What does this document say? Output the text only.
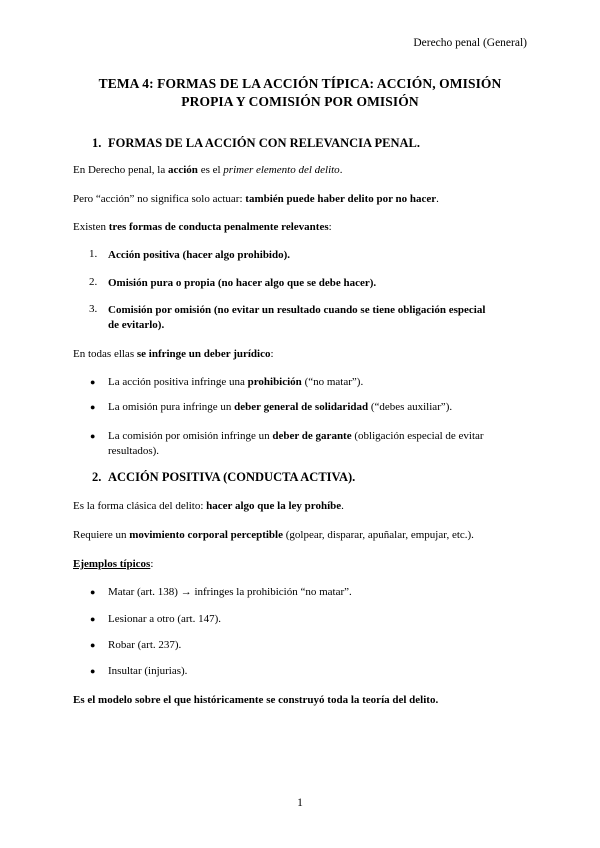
Derecho penal (General)
TEMA 4: FORMAS DE LA ACCIÓN TÍPICA: ACCIÓN, OMISIÓN
PROPIA Y COMISIÓN POR OMISIÓN
1. FORMAS DE LA ACCIÓN CON RELEVANCIA PENAL.
En Derecho penal, la acción es el primer elemento del delito.
Pero “acción” no significa solo actuar: también puede haber delito por no hacer.
Existen tres formas de conducta penalmente relevantes:
1. Acción positiva (hacer algo prohibido).
2. Omisión pura o propia (no hacer algo que se debe hacer).
3. Comisión por omisión (no evitar un resultado cuando se tiene obligación especial
de evitarlo).
En todas ellas se infringe un deber jurídico:
● La acción positiva infringe una prohibición (“no matar”).
● La omisión pura infringe un deber general de solidaridad (“debes auxiliar”).
● La comisión por omisión infringe un deber de garante (obligación especial de evitar
resultados).
2. ACCIÓN POSITIVA (CONDUCTA ACTIVA).
Es la forma clásica del delito: hacer algo que la ley prohíbe.
Requiere un movimiento corporal perceptible (golpear, disparar, apuñalar, empujar, etc.).
Ejemplos típicos:
● Matar (art. 138) → infringes la prohibición “no matar”.
● Lesionar a otro (art. 147).
● Robar (art. 237).
● Insultar (injurias).
Es el modelo sobre el que históricamente se construyó toda la teoría del delito.
1
